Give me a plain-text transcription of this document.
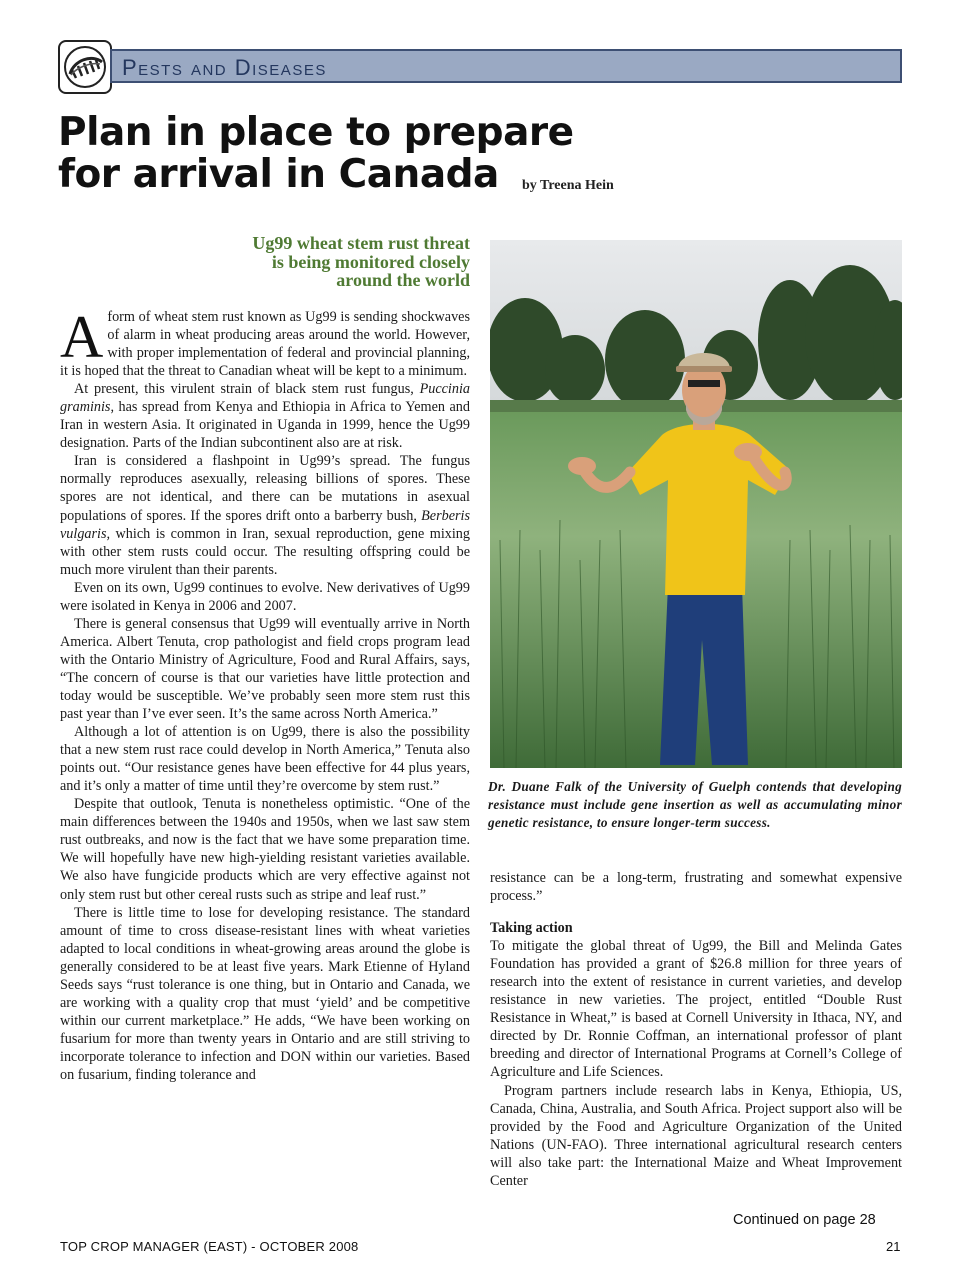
Pests and Diseases
Plan in place to prepare
for arrival in Canada	by Treena Hein
Ug99 wheat stem rust threat
is being monitored closely
around the world

Aform of wheat stem rust known as Ug99 is sending shockwaves of alarm in wheat producing areas around the world. However, with proper implementation of federal and provincial planning, it is hoped that the threat to Canadian wheat will be kept to a minimum.

At present, this virulent strain of black stem rust fungus, Puccinia graminis, has spread from Kenya and Ethiopia in Africa to Yemen and Iran in western Asia. It originated in Uganda in 1999, hence the Ug99 designation. Parts of the Indian subcontinent also are at risk.

Iran is considered a flashpoint in Ug99’s spread. The fungus normally reproduces asexually, releasing billions of spores. These spores are not identical, and there can be mutations in asexual populations of spores. If the spores drift onto a barberry bush, Berberis vulgaris, which is common in Iran, sexual reproduction, gene mixing with other stem rusts could occur. The resulting offspring could be much more virulent than their parents.

Even on its own, Ug99 continues to evolve. New derivatives of Ug99 were isolated in Kenya in 2006 and 2007.

There is general consensus that Ug99 will eventually arrive in North America. Albert Tenuta, crop pathologist and field crops program lead with the Ontario Ministry of Agriculture, Food and Rural Affairs, says, “The concern of course is that our varieties have little protection and today would be susceptible. We’ve probably seen more stem rust this past year than I’ve ever seen. It’s the same across North America.”

Although a lot of attention is on Ug99, there is also the possibility that a new stem rust race could develop in North America,” Tenuta also points out. “Our resistance genes have been effective for 44 plus years, and it’s only a matter of time until they’re overcome by stem rust.”

Despite that outlook, Tenuta is nonetheless optimistic. “One of the main differences between the 1940s and 1950s, when we last saw stem rust outbreaks, and now is the fact that we have some preparation time. We will hopefully have new high-yielding resistant varieties available. We also have fungicide products which are very effective against not only stem rust but other cereal rusts such as stripe and leaf rust.”

There is little time to lose for developing resistance. The standard amount of time to cross disease-resistant lines with wheat varieties adapted to local conditions in wheat-growing areas around the globe is generally considered to be at least five years. Mark Etienne of Hyland Seeds says “rust tolerance is one thing, but in Ontario and Canada, we are working with a quality crop that must ‘yield’ and be competitive within our current marketplace.” He adds, “We have been working on fusarium for more than twenty years in Ontario and are still striving to incorporate tolerance to infection and DON within our varieties. Based on fusarium, finding tolerance and

Dr. Duane Falk of the University of Guelph contends that developing resistance must include gene insertion as well as accumulating minor genetic resistance, to ensure longer-term success.

resistance can be a long-term, frustrating and somewhat expensive process.”

Taking action

To mitigate the global threat of Ug99, the Bill and Melinda Gates Foundation has provided a grant of $26.8 million for three years of research into the extent of resistance in current varieties, and develop resistance in new varieties. The project, entitled “Double Rust Resistance in Wheat,” is based at Cornell University in Ithaca, NY, and directed by Dr. Ronnie Coffman, an international professor of plant breeding and director of International Programs at Cornell’s College of Agriculture and Life Sciences.

Program partners include research labs in Kenya, Ethiopia, US, Canada, China, Australia, and South Africa. Project support also will be provided by the Food and Agriculture Organization of the United Nations (UN-FAO). Three international agricultural research centers will also take part: the International Maize and Wheat Improvement Center

Continued on page 28
TOP CROP MANAGER (EAST) - OCTOBER 2008	21
